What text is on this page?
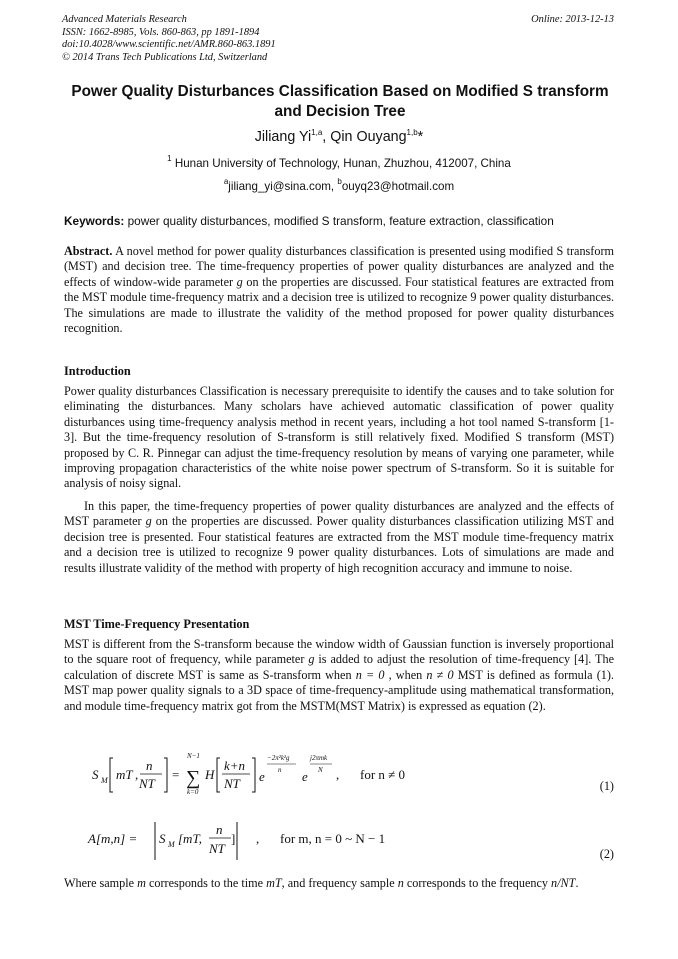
Advanced Materials Research
ISSN: 1662-8985, Vols. 860-863, pp 1891-1894
doi:10.4028/www.scientific.net/AMR.860-863.1891
© 2014 Trans Tech Publications Ltd, Switzerland
Online: 2013-12-13
Power Quality Disturbances Classification Based on Modified S transform and Decision Tree
Jiliang Yi$^{1,a}$, Qin Ouyang$^{1,b}$*
$^1$ Hunan University of Technology, Hunan, Zhuzhou, 412007, China
$^a$jiliang_yi@sina.com, $^b$ouyq23@hotmail.com
Keywords: power quality disturbances, modified S transform, feature extraction, classification

Abstract. A novel method for power quality disturbances classification is presented using modified S transform (MST) and decision tree. The time-frequency properties of power quality disturbances are analyzed and the effects of window-wide parameter g on the properties are discussed. Four statistical features are extracted from the MST module time-frequency matrix and a decision tree is utilized to recognize 9 power quality disturbances. The simulations are made to illustrate the validity of the method proposed for power quality disturbances recognition.

Introduction

Power quality disturbances Classification is necessary prerequisite to identify the causes and to take solution for eliminating the disturbances. Many scholars have achieved automatic classification of power quality disturbances using time-frequency analysis method in recent years, including a hot tool named S-transform [1-3]. But the time-frequency resolution of S-transform is still relatively fixed. Modified S transform (MST) proposed by C. R. Pinnegar can adjust the time-frequency resolution by means of varying one parameter, while improving propagation characteristics of the white noise power spectrum of S-transform. So it is suitable for analysis of noisy signal.

In this paper, the time-frequency properties of power quality disturbances are analyzed and the effects of MST parameter g on the properties are discussed. Power quality disturbances classification utilizing MST and decision tree is presented. Four statistical features are extracted from the MST module time-frequency matrix and a decision tree is utilized to recognize 9 power quality disturbances. Lots of simulations are made and results illustrate validity of the method with property of high recognition accuracy and immune to noise.

MST Time-Frequency Presentation

MST is different from the S-transform because the window width of Gaussian function is inversely proportional to the square root of frequency, while parameter g is added to adjust the resolution of time-frequency [4]. The calculation of discrete MST is same as S-transform when n = 0 , when n ≠ 0 MST is defined as formula (1). MST map power quality signals to a 3D space of time-frequency-amplitude using mathematical transformation, and module time-frequency matrix got from the MSTM(MST Matrix) is expressed as equation (2).

S M mT ,
n
NT
=
N−1
∑
k=0
H
k+n
NT e
−2π²k²g
n e
j2πmk
N , for n ≠ 0
(1)
A[m,n] = S M [mT,
n
NT
] , for m, n = 0 ~ N − 1
(2)

Where sample m corresponds to the time mT, and frequency sample n corresponds to the frequency n/NT.
